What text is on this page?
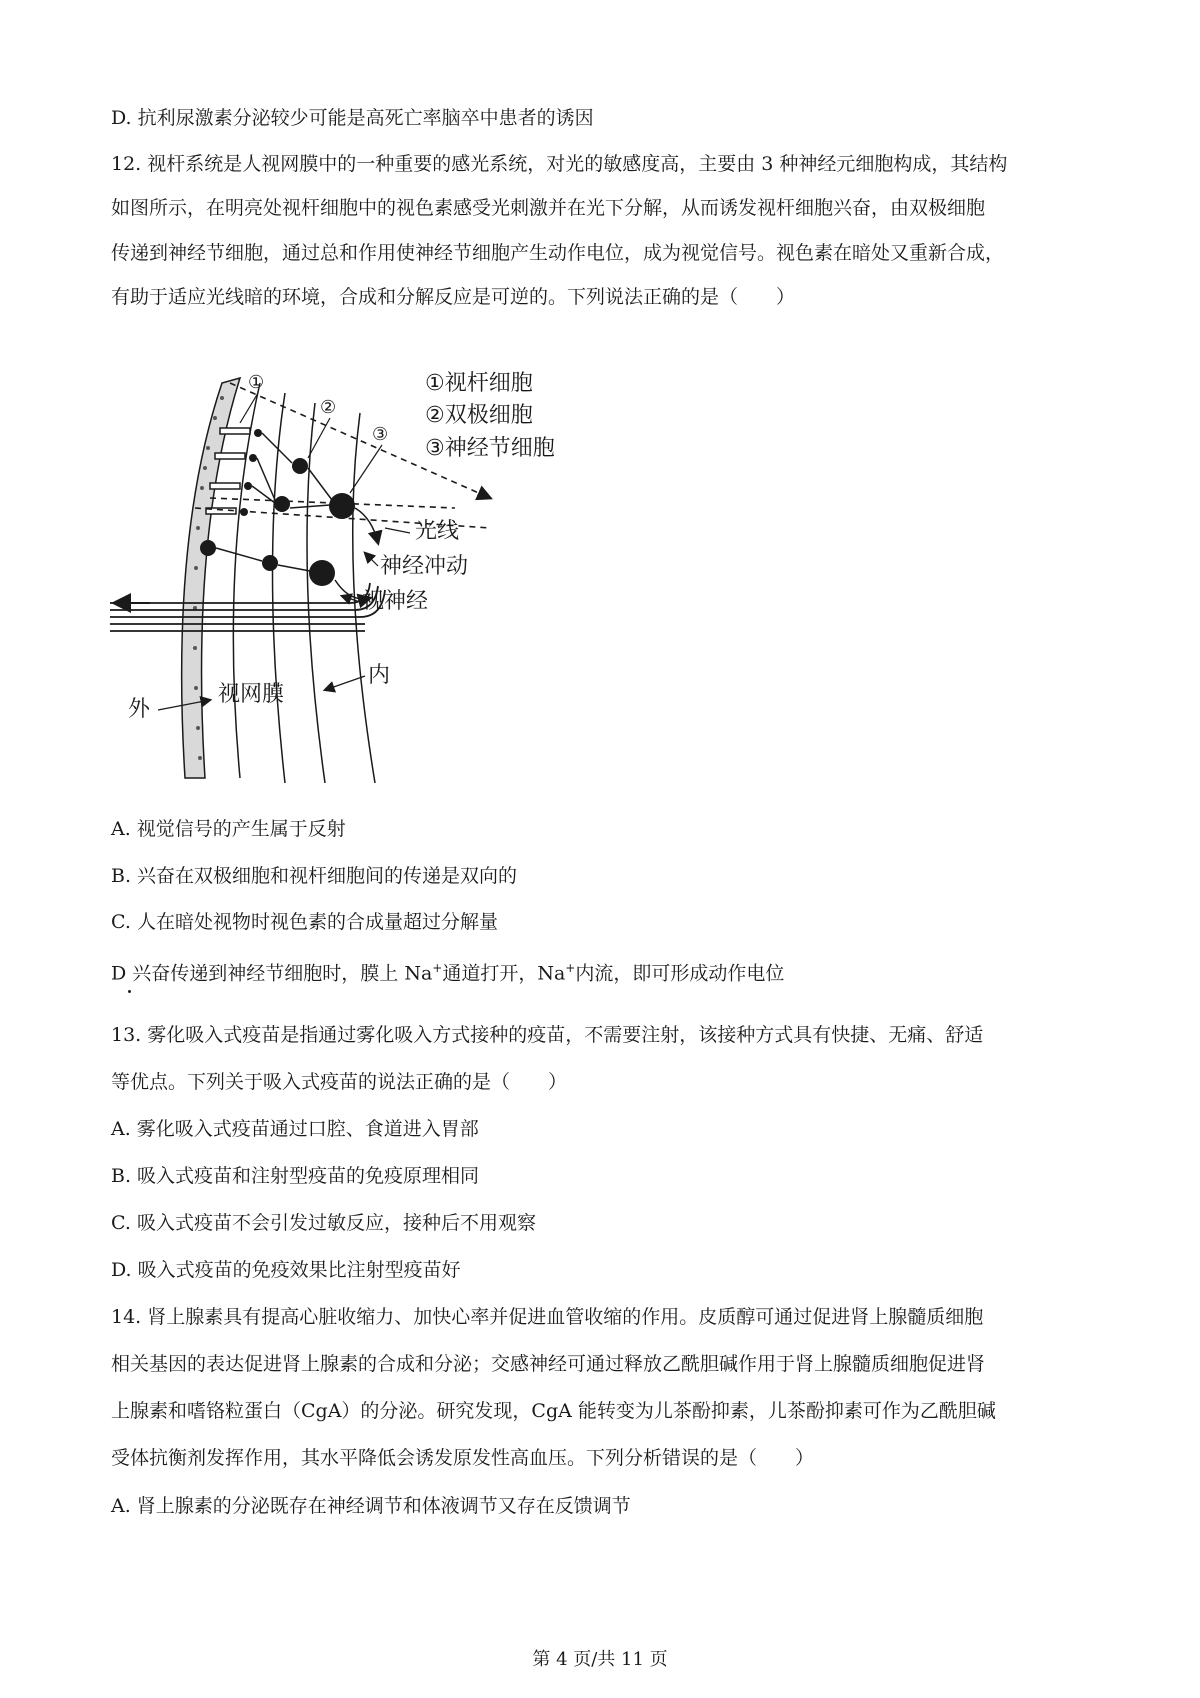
D. 抗利尿激素分泌较少可能是高死亡率脑卒中患者的诱因
12. 视杆系统是人视网膜中的一种重要的感光系统，对光的敏感度高，主要由 3 种神经元细胞构成，其结构
如图所示，在明亮处视杆细胞中的视色素感受光刺激并在光下分解，从而诱发视杆细胞兴奋，由双极细胞
传递到神经节细胞，通过总和作用使神经节细胞产生动作电位，成为视觉信号。视色素在暗处又重新合成，
有助于适应光线暗的环境，合成和分解反应是可逆的。下列说法正确的是（　　）
①
②
③
①视杆细胞
②双极细胞
③神经节细胞
光线
神经冲动
视神经
内
视网膜
外
A. 视觉信号的产生属于反射
B. 兴奋在双极细胞和视杆细胞间的传递是双向的
C. 人在暗处视物时视色素的合成量超过分解量
D 兴奋传递到神经节细胞时，膜上 Na+通道打开，Na+内流，即可形成动作电位
13. 雾化吸入式疫苗是指通过雾化吸入方式接种的疫苗，不需要注射，该接种方式具有快捷、无痛、舒适
等优点。下列关于吸入式疫苗的说法正确的是（　　）
A. 雾化吸入式疫苗通过口腔、食道进入胃部
B. 吸入式疫苗和注射型疫苗的免疫原理相同
C. 吸入式疫苗不会引发过敏反应，接种后不用观察
D. 吸入式疫苗的免疫效果比注射型疫苗好
14. 肾上腺素具有提高心脏收缩力、加快心率并促进血管收缩的作用。皮质醇可通过促进肾上腺髓质细胞
相关基因的表达促进肾上腺素的合成和分泌；交感神经可通过释放乙酰胆碱作用于肾上腺髓质细胞促进肾
上腺素和嗜铬粒蛋白（CgA）的分泌。研究发现，CgA 能转变为儿茶酚抑素，儿茶酚抑素可作为乙酰胆碱
受体抗衡剂发挥作用，其水平降低会诱发原发性高血压。下列分析错误的是（　　）
A. 肾上腺素的分泌既存在神经调节和体液调节又存在反馈调节
第 4 页/共 11 页
